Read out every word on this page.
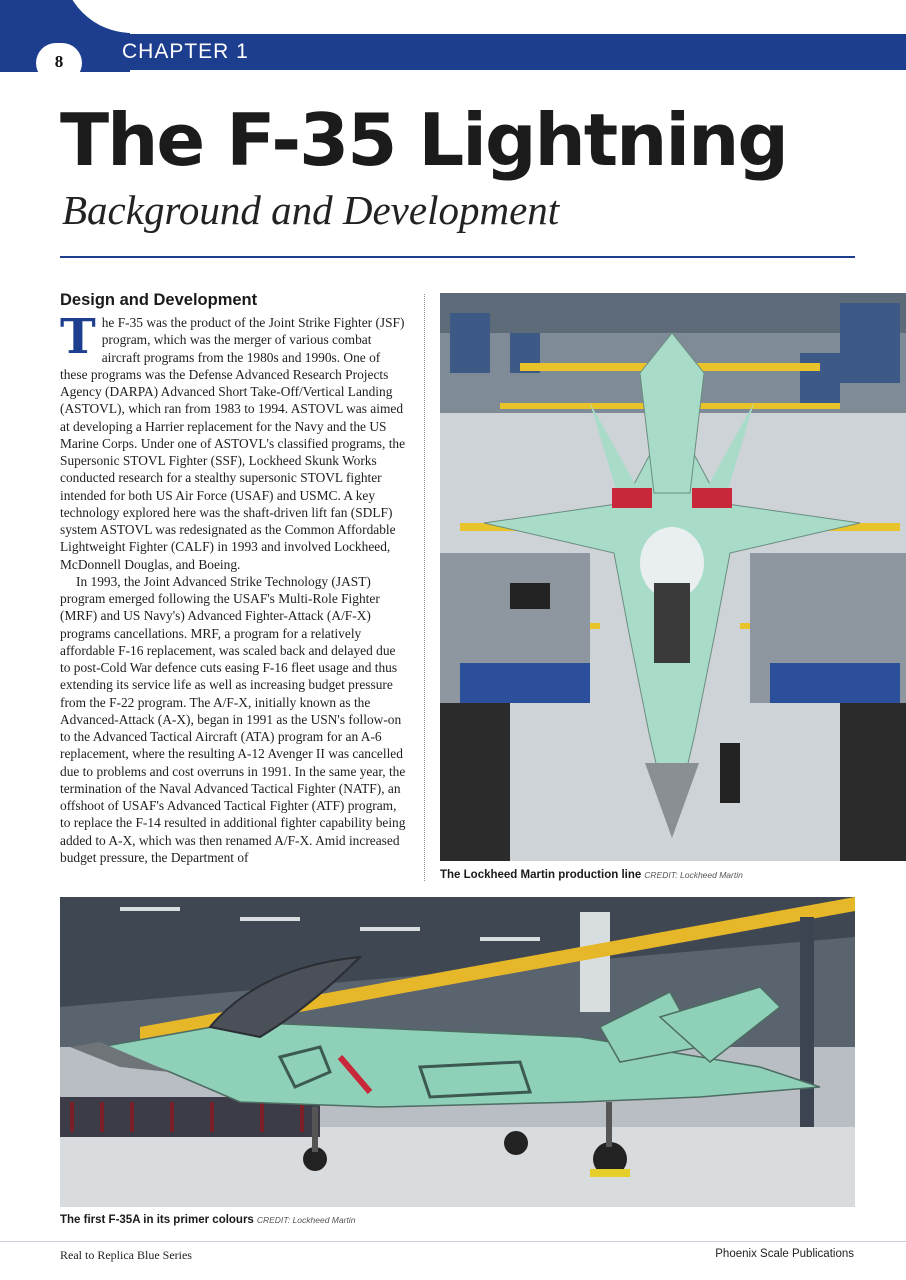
CHAPTER 1
8
The F-35 Lightning
Background and Development
Design and Development

The F-35 was the product of the Joint Strike Fighter (JSF) program, which was the merger of various combat aircraft programs from the 1980s and 1990s. One of these programs was the Defense Advanced Research Projects Agency (DARPA) Advanced Short Take-Off/Vertical Landing (ASTOVL), which ran from 1983 to 1994. ASTOVL was aimed at developing a Harrier replacement for the Navy and the US Marine Corps. Under one of ASTOVL's classified programs, the Supersonic STOVL Fighter (SSF), Lockheed Skunk Works conducted research for a stealthy supersonic STOVL fighter intended for both US Air Force (USAF) and USMC. A key technology explored here was the shaft-driven lift fan (SDLF) system ASTOVL was redesignated as the Common Affordable Lightweight Fighter (CALF) in 1993 and involved Lockheed, McDonnell Douglas, and Boeing.

In 1993, the Joint Advanced Strike Technology (JAST) program emerged following the USAF's Multi-Role Fighter (MRF) and US Navy's) Advanced Fighter-Attack (A/F-X) programs cancellations. MRF, a program for a relatively affordable F-16 replacement, was scaled back and delayed due to post-Cold War defence cuts easing F-16 fleet usage and thus extending its service life as well as increasing budget pressure from the F-22 program. The A/F-X, initially known as the Advanced-Attack (A-X), began in 1991 as the USN's follow-on to the Advanced Tactical Aircraft (ATA) program for an A-6 replacement, where the resulting A-12 Avenger II was cancelled due to problems and cost overruns in 1991. In the same year, the termination of the Naval Advanced Tactical Fighter (NATF), an offshoot of USAF's Advanced Tactical Fighter (ATF) program, to replace the F-14 resulted in additional fighter capability being added to A-X, which was then renamed A/F-X. Amid increased budget pressure, the Department of

The Lockheed Martin production line CREDIT: Lockheed Martin
The first F-35A in its primer colours CREDIT: Lockheed Martin
Real to Replica Blue Series	Phoenix Scale Publications
